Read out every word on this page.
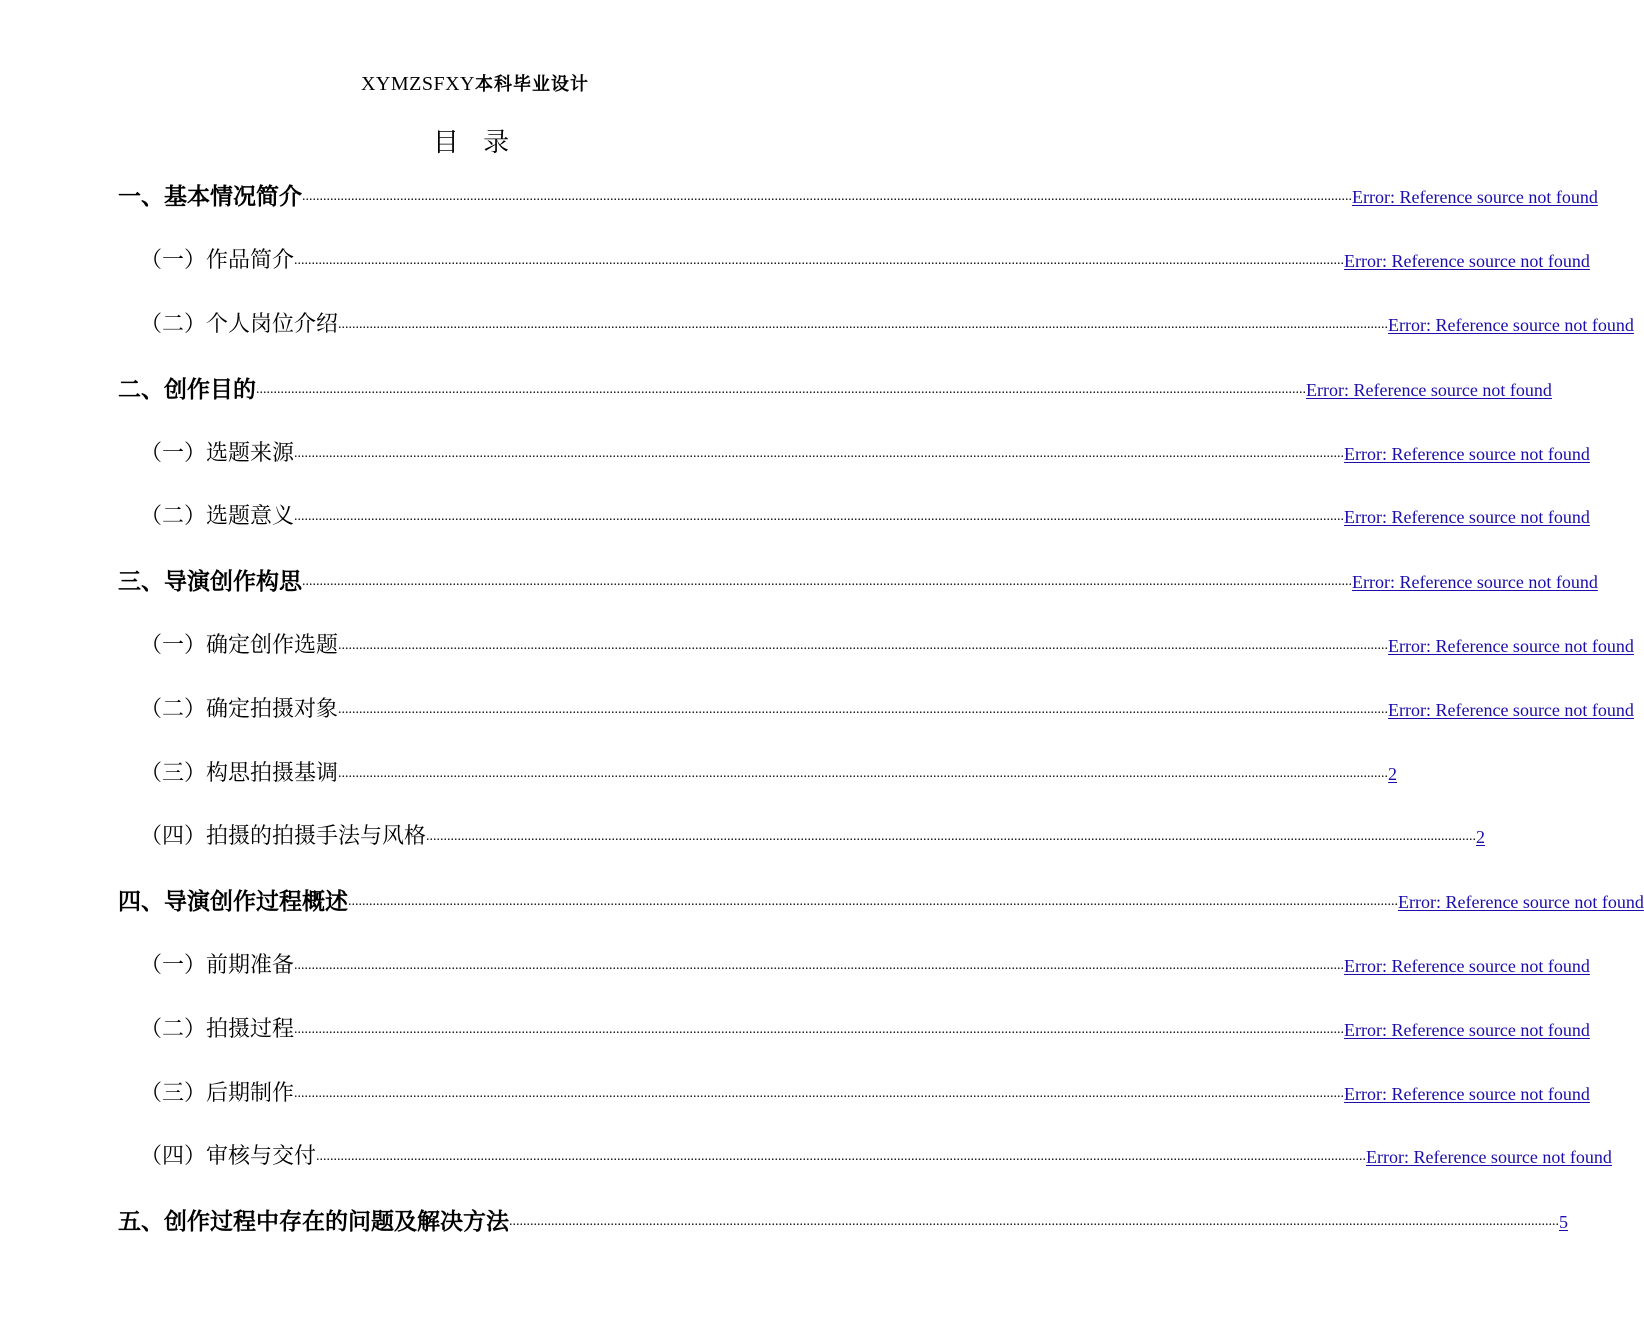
XYMZSFXY本科毕业设计
目 录
一、基本情况简介 ............................................................................................................................................................................................................................................................................................................ Error: Reference source not found
（一）作品简介 ............................................................................................................................................................................................................................................................................................................ Error: Reference source not found
（二）个人岗位介绍 ............................................................................................................................................................................................................................................................................................................ Error: Reference source not found
二、创作目的 ............................................................................................................................................................................................................................................................................................................ Error: Reference source not found
（一）选题来源 ............................................................................................................................................................................................................................................................................................................ Error: Reference source not found
（二）选题意义 ............................................................................................................................................................................................................................................................................................................ Error: Reference source not found
三、导演创作构思 ............................................................................................................................................................................................................................................................................................................ Error: Reference source not found
（一）确定创作选题 ............................................................................................................................................................................................................................................................................................................ Error: Reference source not found
（二）确定拍摄对象 ............................................................................................................................................................................................................................................................................................................ Error: Reference source not found
（三）构思拍摄基调 ............................................................................................................................................................................................................................................................................................................ 2
（四）拍摄的拍摄手法与风格 ............................................................................................................................................................................................................................................................................................................ 2
四、导演创作过程概述 ............................................................................................................................................................................................................................................................................................................ Error: Reference source not found
（一）前期准备 ............................................................................................................................................................................................................................................................................................................ Error: Reference source not found
（二）拍摄过程 ............................................................................................................................................................................................................................................................................................................ Error: Reference source not found
（三）后期制作 ............................................................................................................................................................................................................................................................................................................ Error: Reference source not found
（四）审核与交付 ............................................................................................................................................................................................................................................................................................................ Error: Reference source not found
五、创作过程中存在的问题及解决方法 ............................................................................................................................................................................................................................................................................................................ 5
